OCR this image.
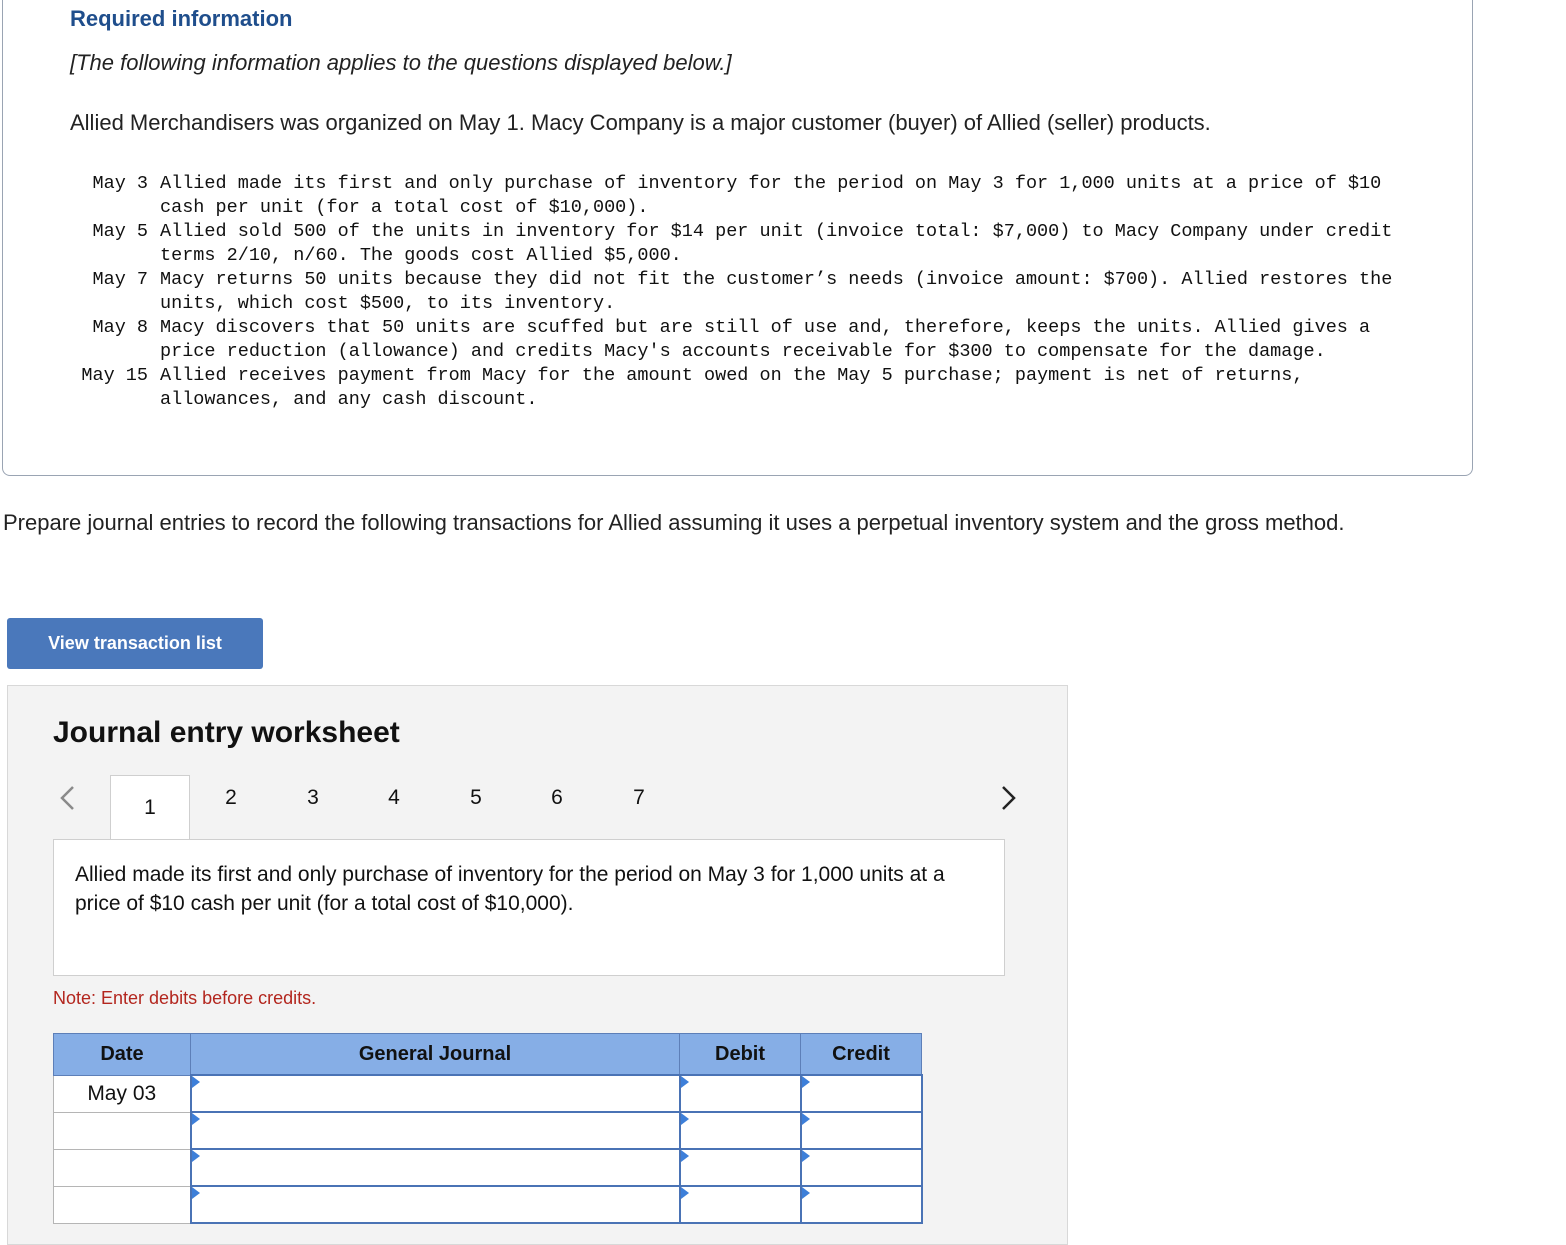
Required information
[The following information applies to the questions displayed below.]
Allied Merchandisers was organized on May 1. Macy Company is a major customer (buyer) of Allied (seller) products.
May 3 Allied made its first and only purchase of inventory for the period on May 3 for 1,000 units at a price of $10 cash per unit (for a total cost of $10,000).
May 5 Allied sold 500 of the units in inventory for $14 per unit (invoice total: $7,000) to Macy Company under credit terms 2/10, n/60. The goods cost Allied $5,000.
May 7 Macy returns 50 units because they did not fit the customer’s needs (invoice amount: $700). Allied restores the units, which cost $500, to its inventory.
May 8 Macy discovers that 50 units are scuffed but are still of use and, therefore, keeps the units. Allied gives a price reduction (allowance) and credits Macy's accounts receivable for $300 to compensate for the damage.
May 15 Allied receives payment from Macy for the amount owed on the May 5 purchase; payment is net of returns, allowances, and any cash discount.
Prepare journal entries to record the following transactions for Allied assuming it uses a perpetual inventory system and the gross method.
View transaction list
Journal entry worksheet
1	2	3	4	5	6	7
Allied made its first and only purchase of inventory for the period on May 3 for 1,000 units at a price of $10 cash per unit (for a total cost of $10,000).
Note: Enter debits before credits.
Date	General Journal	Debit	Credit
May 03	
